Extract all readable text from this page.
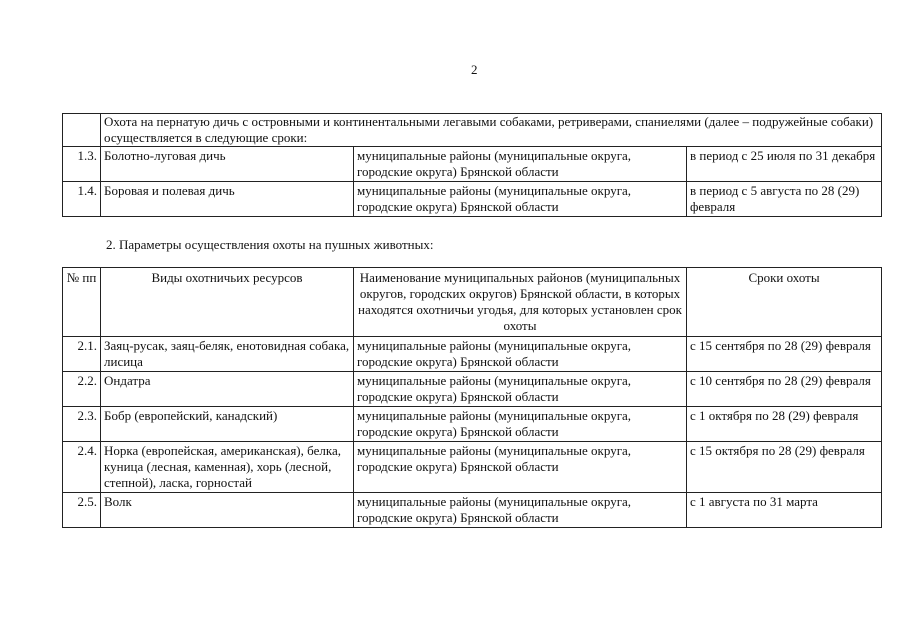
2
	Охота на пернатую дичь с островными и континентальными легавыми собаками, ретриверами, спаниелями (далее – подружейные собаки) осуществляется в следующие сроки:		
1.3.	Болотно-луговая дичь	муниципальные районы (муниципальные округа, городские округа) Брянской области	в период с 25 июля по 31 декабря
1.4.	Боровая и полевая дичь	муниципальные районы (муниципальные округа, городские округа) Брянской области	в период с 5 августа по 28 (29) февраля
2. Параметры осуществления охоты на пушных животных:
№ пп	Виды охотничьих ресурсов	Наименование муниципальных районов (муниципальных округов, городских округов) Брянской области, в которых находятся охотничьи угодья, для которых установлен срок охоты	Сроки охоты
2.1.	Заяц-русак, заяц-беляк, енотовидная собака, лисица	муниципальные районы (муниципальные округа, городские округа) Брянской области	с 15 сентября по 28 (29) февраля
2.2.	Ондатра	муниципальные районы (муниципальные округа, городские округа) Брянской области	с 10 сентября по 28 (29) февраля
2.3.	Бобр (европейский, канадский)	муниципальные районы (муниципальные округа, городские округа) Брянской области	с 1 октября по 28 (29) февраля
2.4.	Норка (европейская, американская), белка, куница (лесная, каменная), хорь (лесной, степной), ласка, горностай	муниципальные районы (муниципальные округа, городские округа) Брянской области	с 15 октября по 28 (29) февраля
2.5.	Волк	муниципальные районы (муниципальные округа, городские округа) Брянской области	с 1 августа по 31 марта
